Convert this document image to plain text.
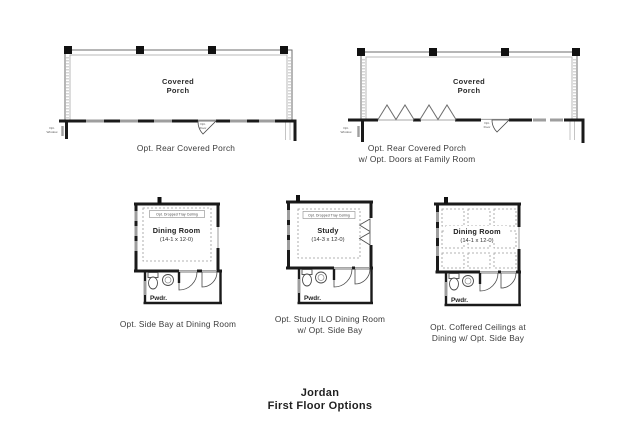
Covered
Porch
Opt.
Window
Opt.
Door
Opt. Rear Covered Porch
Covered
Porch
Opt.
Window
Opt.
Door
Opt. Rear Covered Porch
w/ Opt. Doors at Family Room
Opt. Dropped Tray Ceiling
Dining Room
(14-1 x 12-0)
Pwdr.
Opt. Side Bay at Dining Room
Opt. Dropped Tray Ceiling
Study
(14-3 x 12-0)
Pwdr.
Opt. Study ILO Dining Room
w/ Opt. Side Bay
Dining Room
(14-1 x 12-0)
Pwdr.
Opt. Coffered Ceilings at
Dining w/ Opt. Side Bay
Jordan
First Floor Options
